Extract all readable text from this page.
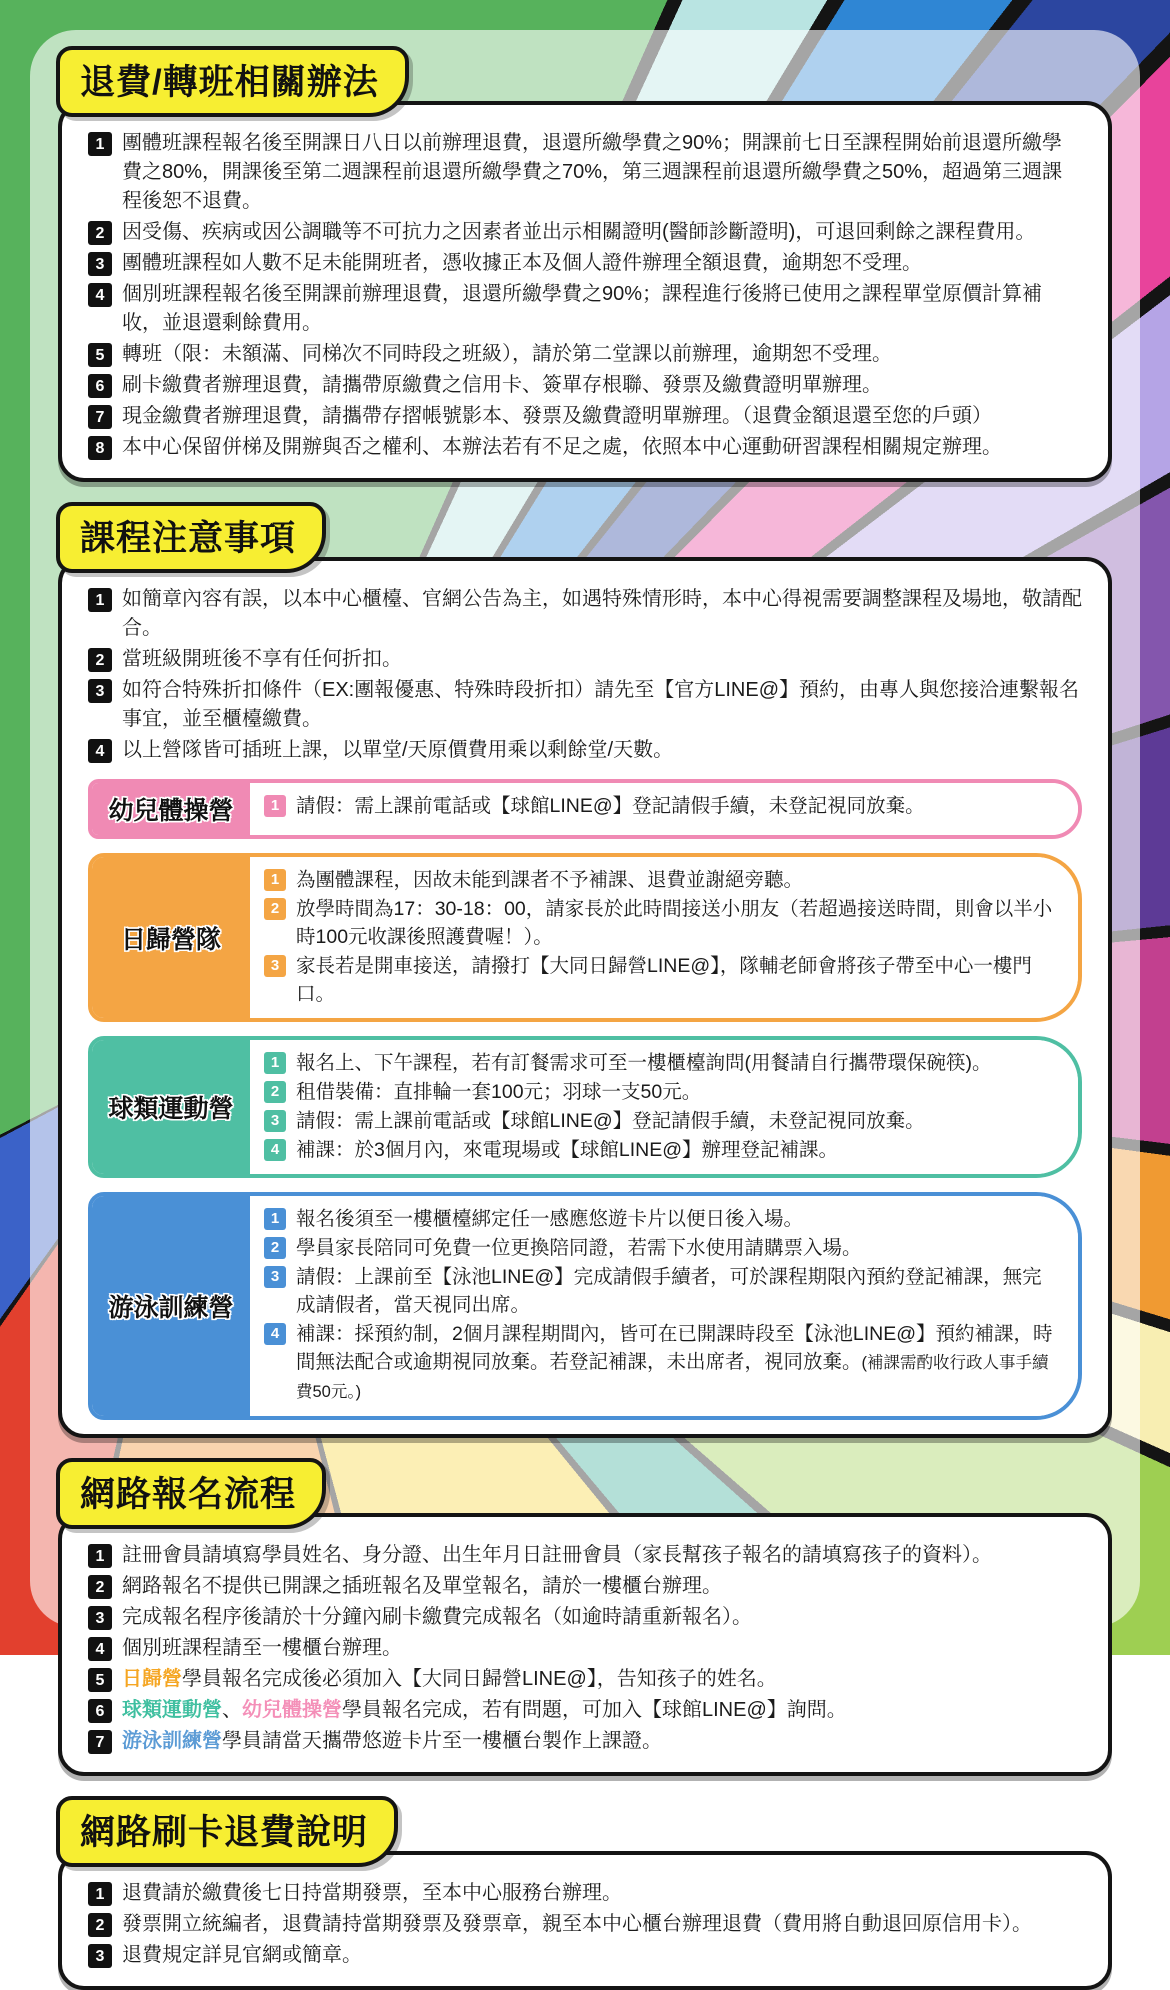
退費/轉班相關辦法
1 團體班課程報名後至開課日八日以前辦理退費，退還所繳學費之90%；開課前七日至課程開始前退還所繳學費之80%，開課後至第二週課程前退還所繳學費之70%，第三週課程前退還所繳學費之50%，超過第三週課程後恕不退費。
2 因受傷、疾病或因公調職等不可抗力之因素者並出示相關證明(醫師診斷證明)，可退回剩餘之課程費用。
3 團體班課程如人數不足未能開班者，憑收據正本及個人證件辦理全額退費，逾期恕不受理。
4 個別班課程報名後至開課前辦理退費，退還所繳學費之90%；課程進行後將已使用之課程單堂原價計算補收，並退還剩餘費用。
5 轉班（限：未額滿、同梯次不同時段之班級），請於第二堂課以前辦理，逾期恕不受理。
6 刷卡繳費者辦理退費，請攜帶原繳費之信用卡、簽單存根聯、發票及繳費證明單辦理。
7 現金繳費者辦理退費，請攜帶存摺帳號影本、發票及繳費證明單辦理。（退費金額退還至您的戶頭）
8 本中心保留併梯及開辦與否之權利、本辦法若有不足之處，依照本中心運動研習課程相關規定辦理。
課程注意事項
1 如簡章內容有誤，以本中心櫃檯、官網公告為主，如遇特殊情形時，本中心得視需要調整課程及場地，敬請配合。
2 當班級開班後不享有任何折扣。
3 如符合特殊折扣條件（EX:團報優惠、特殊時段折扣）請先至【官方LINE@】預約，由專人與您接洽連繫報名事宜，並至櫃檯繳費。
4 以上營隊皆可插班上課，以單堂/天原價費用乘以剩餘堂/天數。
幼兒體操營	1 請假：需上課前電話或【球館LINE@】登記請假手續，未登記視同放棄。
日歸營隊
1 為團體課程，因故未能到課者不予補課、退費並謝絕旁聽。
2 放學時間為17：30-18：00，請家長於此時間接送小朋友（若超過接送時間，則會以半小時100元收課後照護費喔！）。
3 家長若是開車接送，請撥打【大同日歸營LINE@】，隊輔老師會將孩子帶至中心一樓門口。
球類運動營
1 報名上、下午課程，若有訂餐需求可至一樓櫃檯詢問(用餐請自行攜帶環保碗筷)。
2 租借裝備：直排輪一套100元；羽球一支50元。
3 請假：需上課前電話或【球館LINE@】登記請假手續，未登記視同放棄。
4 補課：於3個月內，來電現場或【球館LINE@】辦理登記補課。
游泳訓練營
1 報名後須至一樓櫃檯綁定任一感應悠遊卡片以便日後入場。
2 學員家長陪同可免費一位更換陪同證，若需下水使用請購票入場。
3 請假：上課前至【泳池LINE@】完成請假手續者，可於課程期限內預約登記補課，無完成請假者，當天視同出席。
4 補課：採預約制，2個月課程期間內，皆可在已開課時段至【泳池LINE@】預約補課，時間無法配合或逾期視同放棄。若登記補課，未出席者，視同放棄。(補課需酌收行政人事手續費50元。)
網路報名流程
1 註冊會員請填寫學員姓名、身分證、出生年月日註冊會員（家長幫孩子報名的請填寫孩子的資料）。
2 網路報名不提供已開課之插班報名及單堂報名，請於一樓櫃台辦理。
3 完成報名程序後請於十分鐘內刷卡繳費完成報名（如逾時請重新報名）。
4 個別班課程請至一樓櫃台辦理。
5 日歸營學員報名完成後必須加入【大同日歸營LINE@】，告知孩子的姓名。
6 球類運動營、幼兒體操營學員報名完成，若有問題，可加入【球館LINE@】詢問。
7 游泳訓練營學員請當天攜帶悠遊卡片至一樓櫃台製作上課證。
網路刷卡退費說明
1 退費請於繳費後七日持當期發票，至本中心服務台辦理。
2 發票開立統編者，退費請持當期發票及發票章，親至本中心櫃台辦理退費（費用將自動退回原信用卡）。
3 退費規定詳見官網或簡章。
